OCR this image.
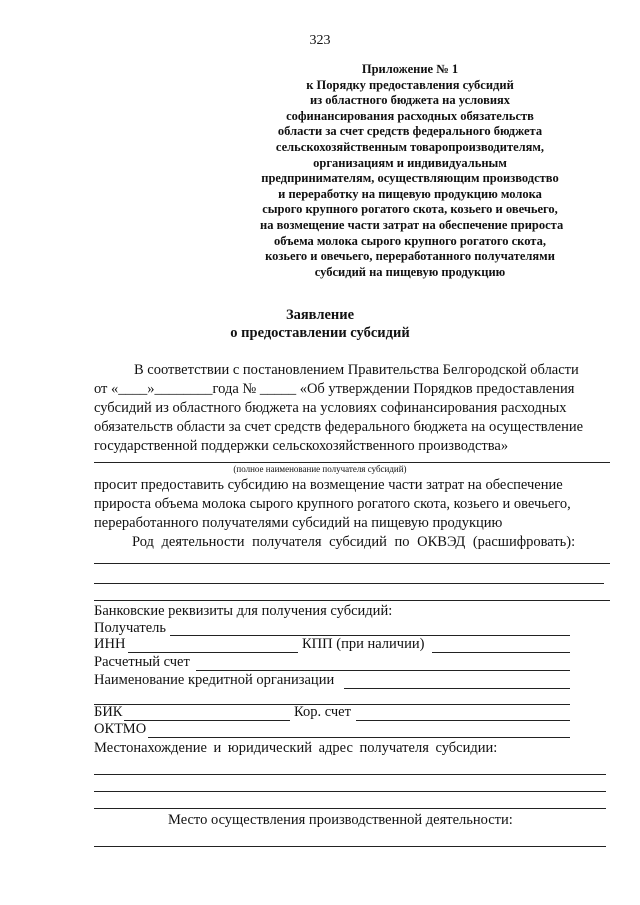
323
Приложение № 1
к Порядку предоставления субсидий
из областного бюджета на условиях
софинансирования расходных обязательств
области за счет средств федерального бюджета
сельскохозяйственным товаропроизводителям,
организациям и индивидуальным
предпринимателям, осуществляющим производство
и переработку на пищевую продукцию молока
сырого крупного рогатого скота, козьего и овечьего,
на возмещение части затрат на обеспечение прироста
объема молока сырого крупного рогатого скота,
козьего и овечьего, переработанного получателями
субсидий на пищевую продукцию
Заявление
о предоставлении субсидий
В соответствии с постановлением Правительства Белгородской области
от «____»________года № _____ «Об утверждении Порядков предоставления
субсидий из областного бюджета на условиях софинансирования расходных
обязательств области за счет средств федерального бюджета на осуществление
государственной поддержки сельскохозяйственного производства»
(полное наименование получателя субсидий)
просит предоставить субсидию на возмещение части затрат на обеспечение
прироста объема молока сырого крупного рогатого скота, козьего и овечьего,
переработанного получателями субсидий на пищевую продукцию
Род деятельности получателя субсидий по ОКВЭД (расшифровать):
Банковские реквизиты для получения субсидий:
Получатель
ИНН	КПП (при наличии)
Расчетный счет
Наименование кредитной организации
БИК	Кор. счет
ОКТМО
Местонахождение и юридический адрес получателя субсидии:
Место осуществления производственной деятельности:
